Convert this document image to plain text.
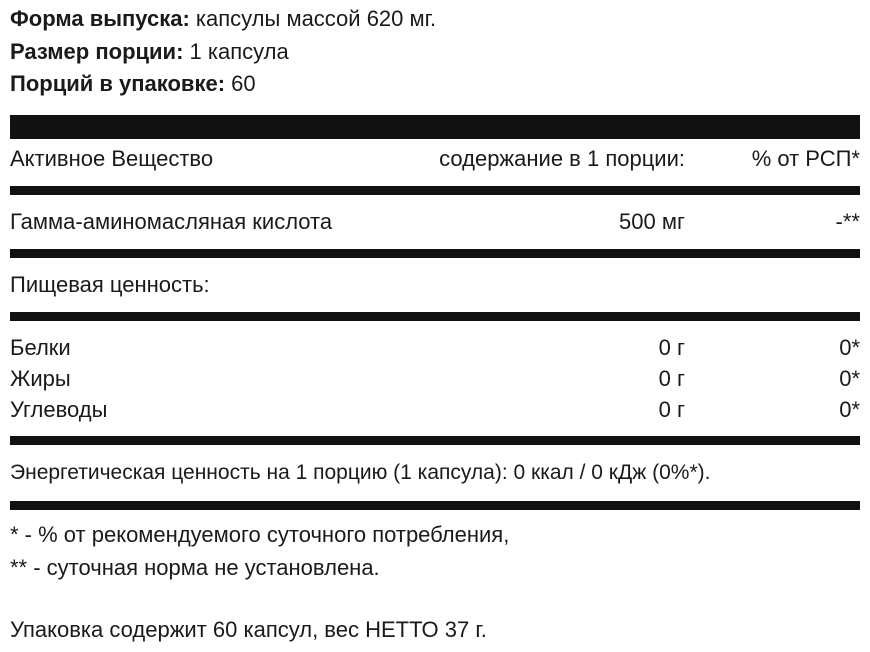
Форма выпуска: капсулы массой 620 мг.
Размер порции: 1 капсула
Порций в упаковке: 60
Активное Вещество	содержание в 1 порции:	% от РСП*
Гамма-аминомасляная кислота	500 мг	-**
Пищевая ценность:
Белки	0 г	0*
Жиры	0 г	0*
Углеводы	0 г	0*
Энергетическая ценность на 1 порцию (1 капсула): 0 ккал / 0 кДж (0%*).
* - % от рекомендуемого суточного потребления,
** - суточная норма не установлена.
Упаковка содержит 60 капсул, вес НЕТТО 37 г.
